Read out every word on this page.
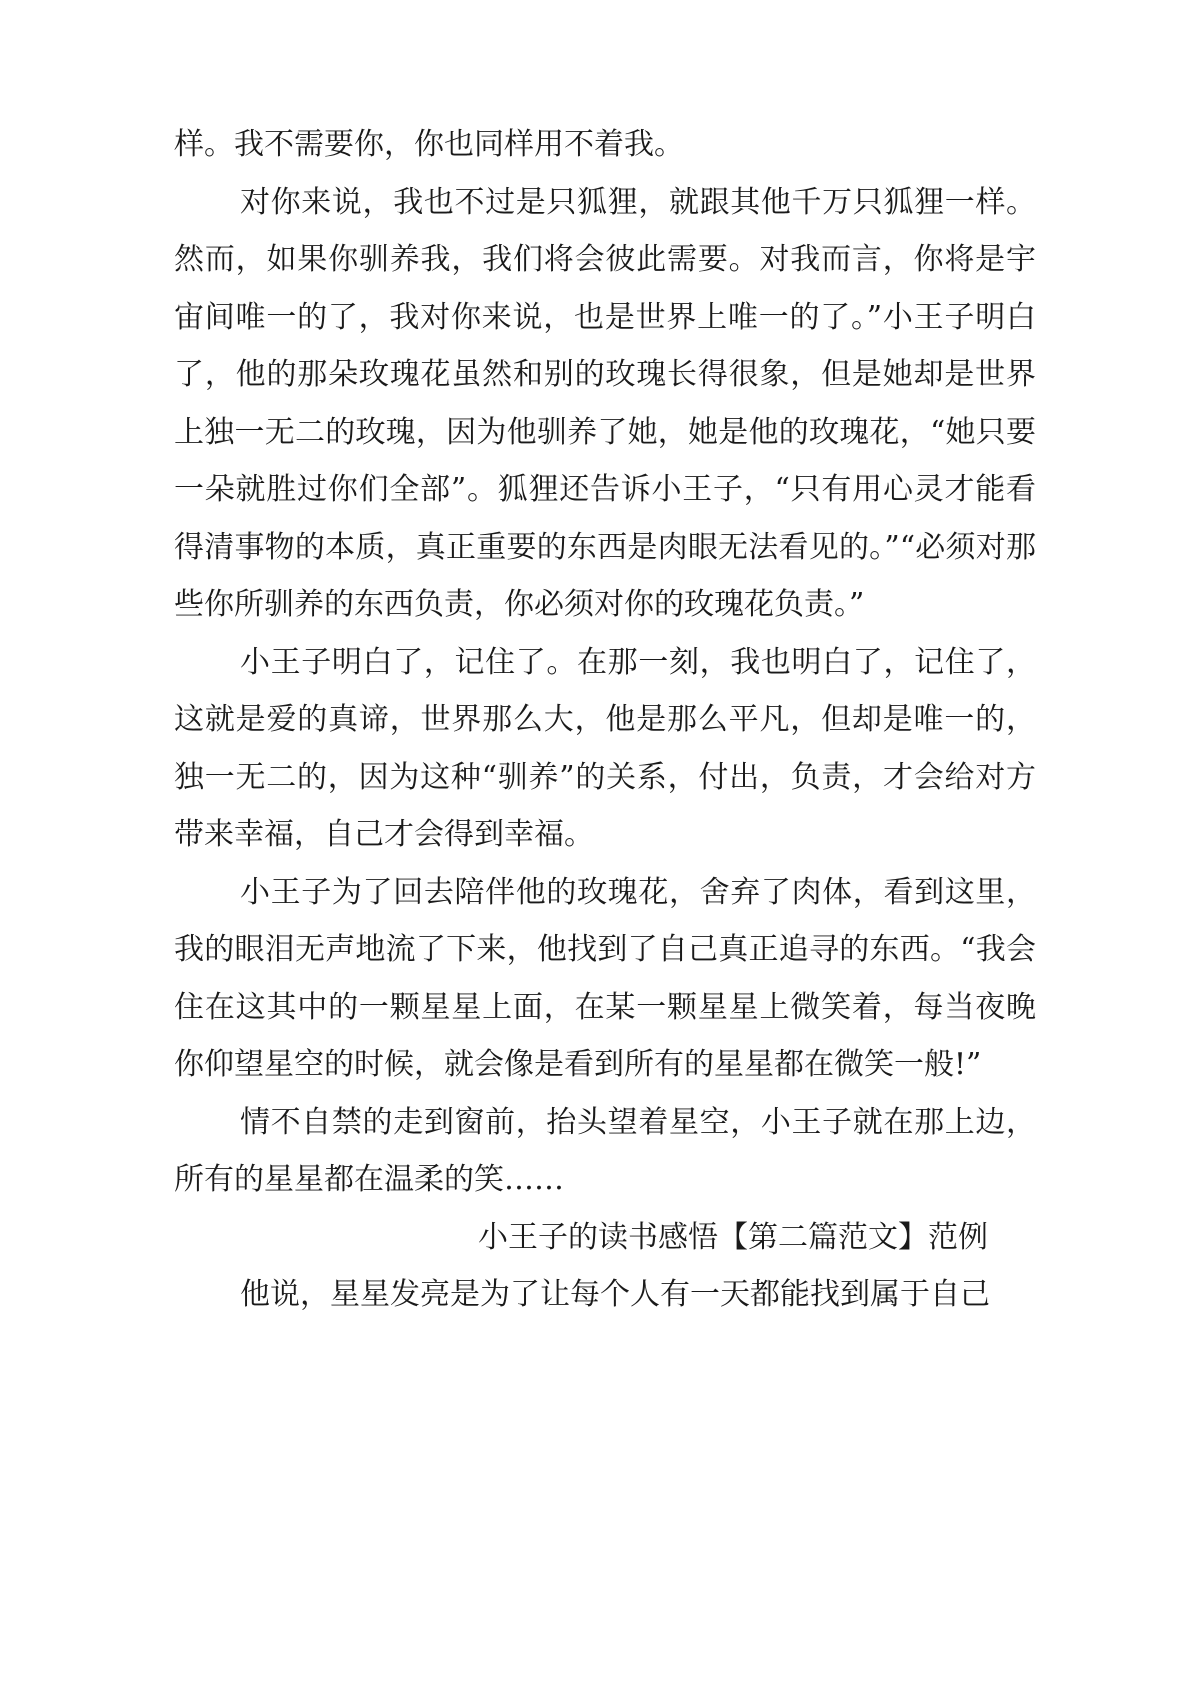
样。我不需要你，你也同样用不着我。

对你来说，我也不过是只狐狸，就跟其他千万只狐狸一样。然而，如果你驯养我，我们将会彼此需要。对我而言，你将是宇宙间唯一的了，我对你来说，也是世界上唯一的了。”小王子明白了，他的那朵玫瑰花虽然和别的玫瑰长得很象，但是她却是世界上独一无二的玫瑰，因为他驯养了她，她是他的玫瑰花，“她只要一朵就胜过你们全部”。狐狸还告诉小王子，“只有用心灵才能看得清事物的本质，真正重要的东西是肉眼无法看见的。”“必须对那些你所驯养的东西负责，你必须对你的玫瑰花负责。”

小王子明白了，记住了。在那一刻，我也明白了，记住了，这就是爱的真谛，世界那么大，他是那么平凡，但却是唯一的，独一无二的，因为这种“驯养”的关系，付出，负责，才会给对方带来幸福，自己才会得到幸福。

小王子为了回去陪伴他的玫瑰花，舍弃了肉体，看到这里，我的眼泪无声地流了下来，他找到了自己真正追寻的东西。“我会住在这其中的一颗星星上面，在某一颗星星上微笑着，每当夜晚你仰望星空的时候，就会像是看到所有的星星都在微笑一般!”

情不自禁的走到窗前，抬头望着星空，小王子就在那上边，所有的星星都在温柔的笑……

小王子的读书感悟【第二篇范文】范例

他说，星星发亮是为了让每个人有一天都能找到属于自己
